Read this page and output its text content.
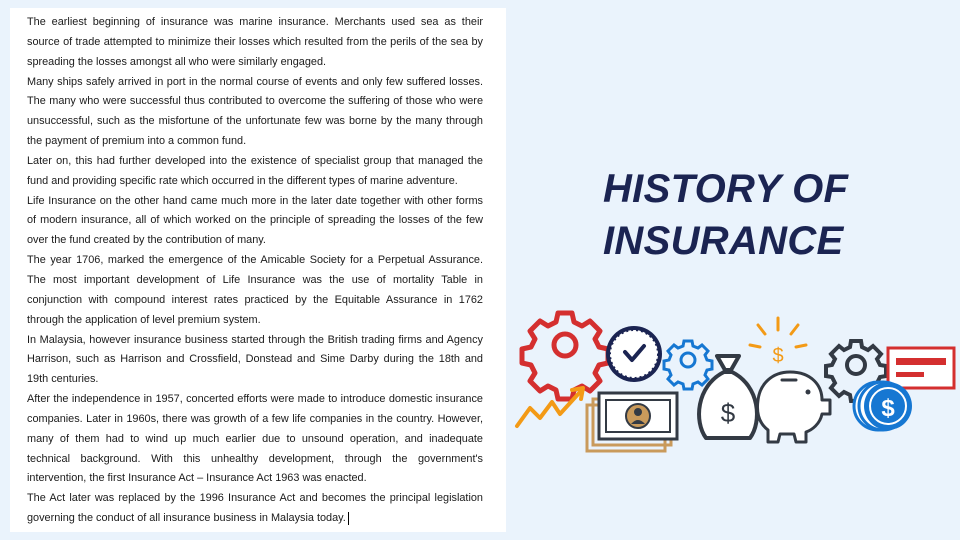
The earliest beginning of insurance was marine insurance. Merchants used sea as their source of trade attempted to minimize their losses which resulted from the perils of the sea by spreading the losses amongst all who were similarly engaged.

Many ships safely arrived in port in the normal course of events and only few suffered losses. The many who were successful thus contributed to overcome the suffering of those who were unsuccessful, such as the misfortune of the unfortunate few was borne by the many through the payment of premium into a common fund.

Later on, this had further developed into the existence of specialist group that managed the fund and providing specific rate which occurred in the different types of marine adventure.

Life Insurance on the other hand came much more in the later date together with other forms of modern insurance, all of which worked on the principle of spreading the losses of the few over the fund created by the contribution of many.

The year 1706, marked the emergence of the Amicable Society for a Perpetual Assurance. The most important development of Life Insurance was the use of mortality Table in conjunction with compound interest rates practiced by the Equitable Assurance in 1762 through the application of level premium system.

In Malaysia, however insurance business started through the British trading firms and Agency Harrison, such as Harrison and Crossfield, Donstead and Sime Darby during the 18th and 19th centuries.

After the independence in 1957, concerted efforts were made to introduce domestic insurance companies. Later in 1960s, there was growth of a few life companies in the country. However, many of them had to wind up much earlier due to unsound operation, and inadequate technical background. With this unhealthy development, through the government's intervention, the first Insurance Act – Insurance Act 1963 was enacted.

The Act later was replaced by the 1996 Insurance Act and becomes the principal legislation governing the conduct of all insurance business in Malaysia today.

HISTORY OF
INSURANCE
$
$
$
